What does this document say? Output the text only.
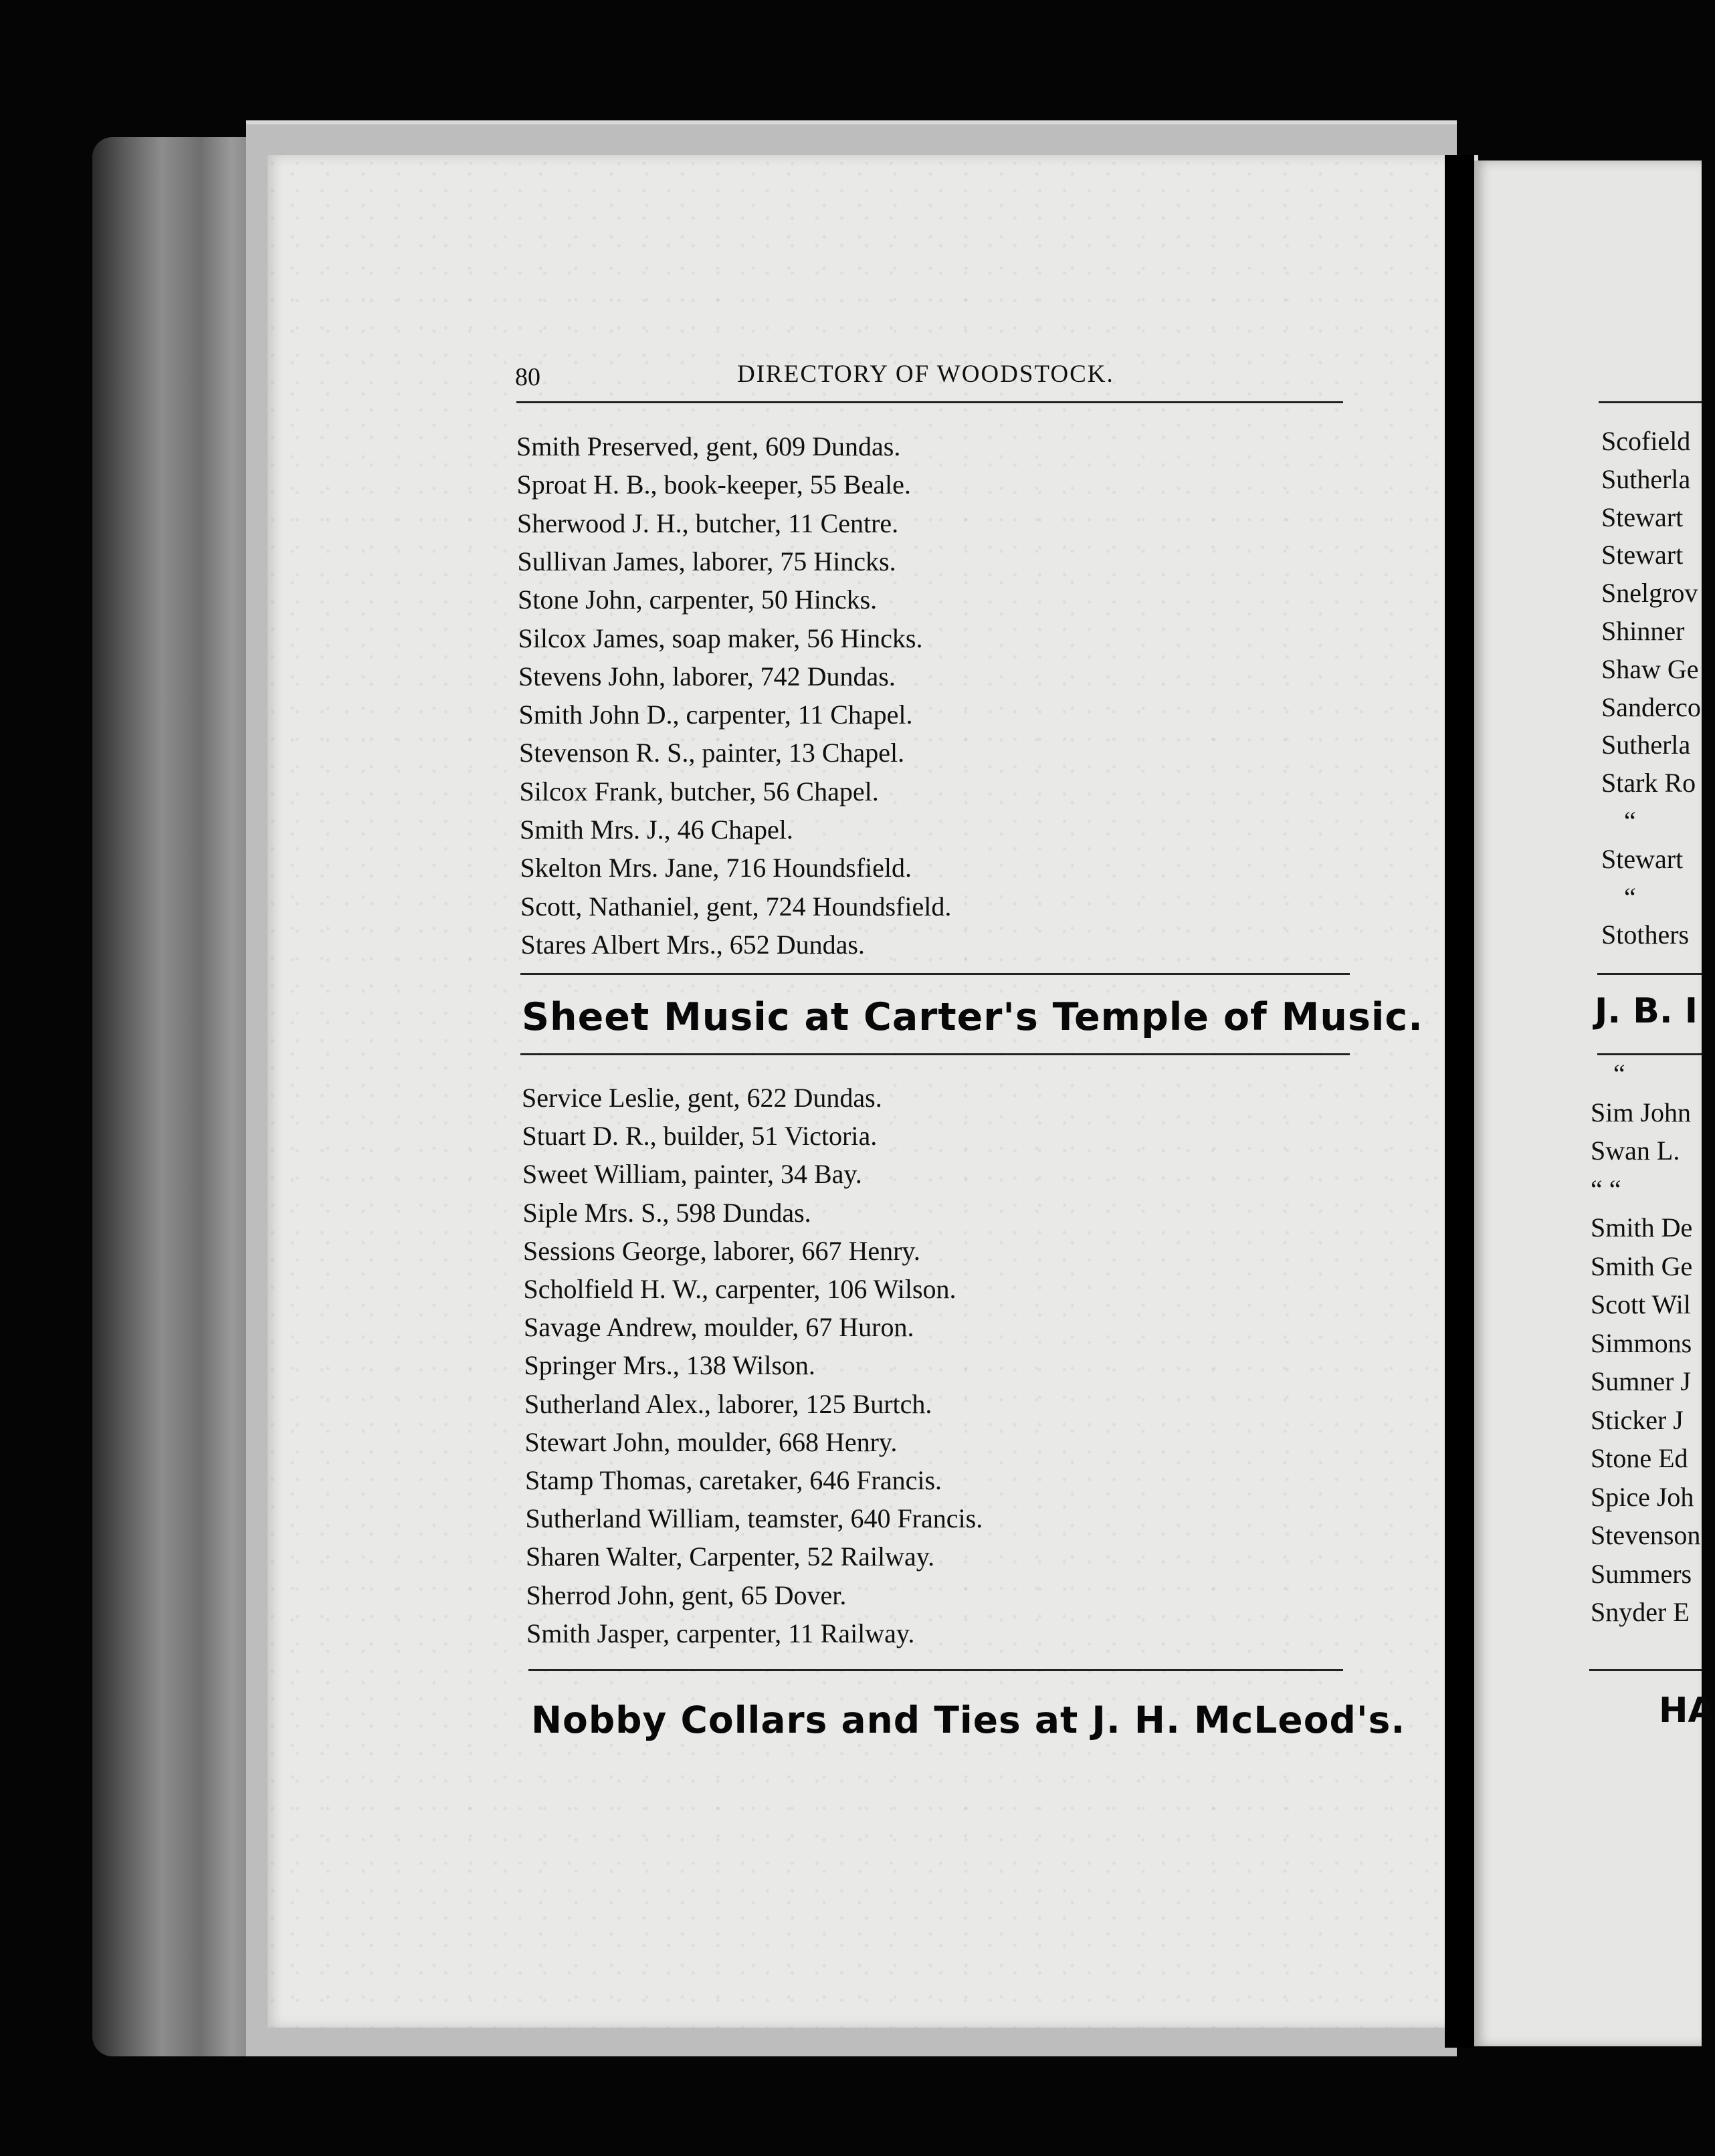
80	DIRECTORY OF WOODSTOCK.
Smith Preserved, gent, 609 Dundas.
Sproat H. B., book-keeper, 55 Beale.
Sherwood J. H., butcher, 11 Centre.
Sullivan James, laborer, 75 Hincks.
Stone John, carpenter, 50 Hincks.
Silcox James, soap maker, 56 Hincks.
Stevens John, laborer, 742 Dundas.
Smith John D., carpenter, 11 Chapel.
Stevenson R. S., painter, 13 Chapel.
Silcox Frank, butcher, 56 Chapel.
Smith Mrs. J., 46 Chapel.
Skelton Mrs. Jane, 716 Houndsfield.
Scott, Nathaniel, gent, 724 Houndsfield.
Stares Albert Mrs., 652 Dundas.
Sheet Music at Carter's Temple of Music.
Service Leslie, gent, 622 Dundas.
Stuart D. R., builder, 51 Victoria.
Sweet William, painter, 34 Bay.
Siple Mrs. S., 598 Dundas.
Sessions George, laborer, 667 Henry.
Scholfield H. W., carpenter, 106 Wilson.
Savage Andrew, moulder, 67 Huron.
Springer Mrs., 138 Wilson.
Sutherland Alex., laborer, 125 Burtch.
Stewart John, moulder, 668 Henry.
Stamp Thomas, caretaker, 646 Francis.
Sutherland William, teamster, 640 Francis.
Sharen Walter, Carpenter, 52 Railway.
Sherrod John, gent, 65 Dover.
Smith Jasper, carpenter, 11 Railway.
Nobby Collars and Ties at J. H. McLeod's.
Scofield
Sutherla
Stewart
Stewart
Snelgrov
Shinner
Shaw Ge
Sanderco
Sutherla
Stark Ro
“
Stewart
“
Stothers
J. B. I
“
Sim John
Swan L.
“ “
Smith De
Smith Ge
Scott Wil
Simmons
Sumner J
Sticker J
Stone Ed
Spice Joh
Stevenson
Summers
Snyder E
HA
